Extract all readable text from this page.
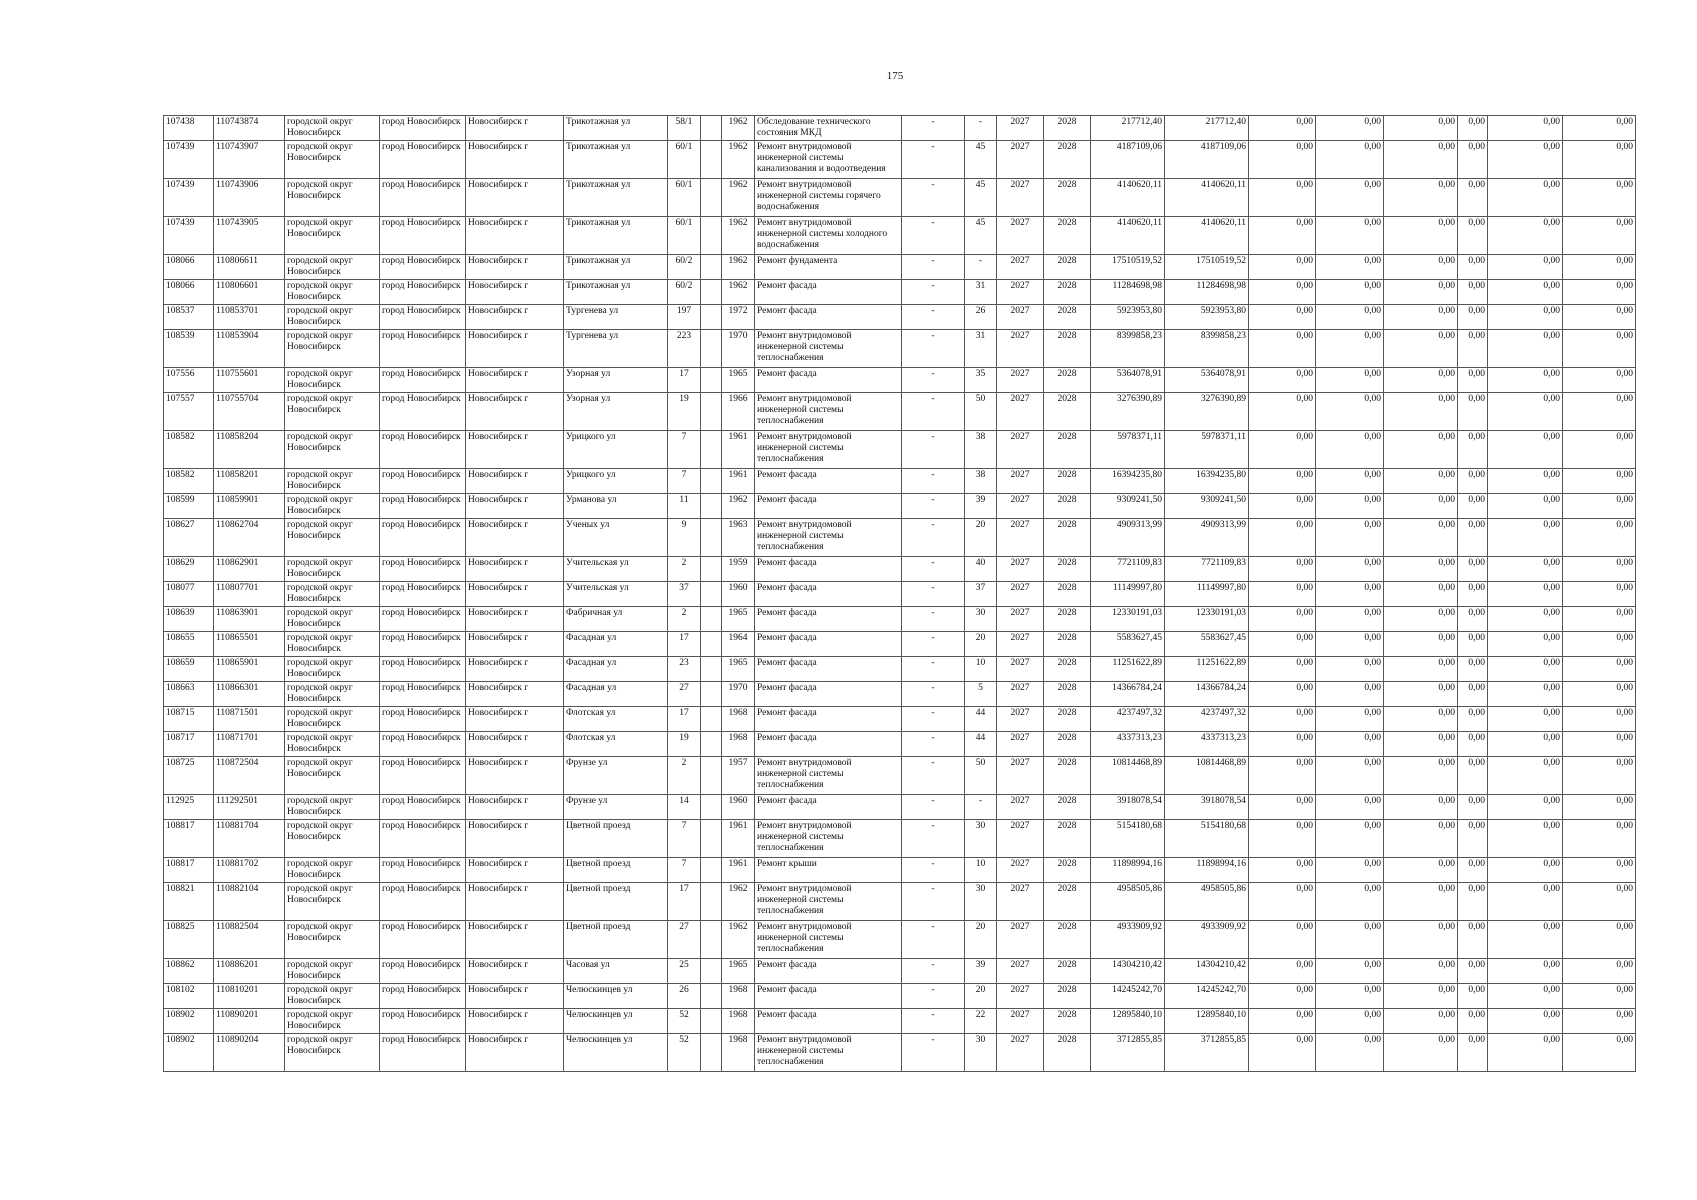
175
107438	110743874	городской округ Новосибирск	город Новосибирск	Новосибирск г	Трикотажная ул	58/1		1962	Обследование технического состояния МКД	-	-	2027	2028	217712,40	217712,40	0,00	0,00	0,00	0,00	0,00	0,00
107439	110743907	городской округ Новосибирск	город Новосибирск	Новосибирск г	Трикотажная ул	60/1		1962	Ремонт внутридомовой инженерной системы канализования и водоотведения	-	45	2027	2028	4187109,06	4187109,06	0,00	0,00	0,00	0,00	0,00	0,00
107439	110743906	городской округ Новосибирск	город Новосибирск	Новосибирск г	Трикотажная ул	60/1		1962	Ремонт внутридомовой инженерной системы горячего водоснабжения	-	45	2027	2028	4140620,11	4140620,11	0,00	0,00	0,00	0,00	0,00	0,00
107439	110743905	городской округ Новосибирск	город Новосибирск	Новосибирск г	Трикотажная ул	60/1		1962	Ремонт внутридомовой инженерной системы холодного водоснабжения	-	45	2027	2028	4140620,11	4140620,11	0,00	0,00	0,00	0,00	0,00	0,00
108066	110806611	городской округ Новосибирск	город Новосибирск	Новосибирск г	Трикотажная ул	60/2		1962	Ремонт фундамента	-	-	2027	2028	17510519,52	17510519,52	0,00	0,00	0,00	0,00	0,00	0,00
108066	110806601	городской округ Новосибирск	город Новосибирск	Новосибирск г	Трикотажная ул	60/2		1962	Ремонт фасада	-	31	2027	2028	11284698,98	11284698,98	0,00	0,00	0,00	0,00	0,00	0,00
108537	110853701	городской округ Новосибирск	город Новосибирск	Новосибирск г	Тургенева ул	197		1972	Ремонт фасада	-	26	2027	2028	5923953,80	5923953,80	0,00	0,00	0,00	0,00	0,00	0,00
108539	110853904	городской округ Новосибирск	город Новосибирск	Новосибирск г	Тургенева ул	223		1970	Ремонт внутридомовой инженерной системы теплоснабжения	-	31	2027	2028	8399858,23	8399858,23	0,00	0,00	0,00	0,00	0,00	0,00
107556	110755601	городской округ Новосибирск	город Новосибирск	Новосибирск г	Узорная ул	17		1965	Ремонт фасада	-	35	2027	2028	5364078,91	5364078,91	0,00	0,00	0,00	0,00	0,00	0,00
107557	110755704	городской округ Новосибирск	город Новосибирск	Новосибирск г	Узорная ул	19		1966	Ремонт внутридомовой инженерной системы теплоснабжения	-	50	2027	2028	3276390,89	3276390,89	0,00	0,00	0,00	0,00	0,00	0,00
108582	110858204	городской округ Новосибирск	город Новосибирск	Новосибирск г	Урицкого ул	7		1961	Ремонт внутридомовой инженерной системы теплоснабжения	-	38	2027	2028	5978371,11	5978371,11	0,00	0,00	0,00	0,00	0,00	0,00
108582	110858201	городской округ Новосибирск	город Новосибирск	Новосибирск г	Урицкого ул	7		1961	Ремонт фасада	-	38	2027	2028	16394235,80	16394235,80	0,00	0,00	0,00	0,00	0,00	0,00
108599	110859901	городской округ Новосибирск	город Новосибирск	Новосибирск г	Урманова ул	11		1962	Ремонт фасада	-	39	2027	2028	9309241,50	9309241,50	0,00	0,00	0,00	0,00	0,00	0,00
108627	110862704	городской округ Новосибирск	город Новосибирск	Новосибирск г	Ученых ул	9		1963	Ремонт внутридомовой инженерной системы теплоснабжения	-	20	2027	2028	4909313,99	4909313,99	0,00	0,00	0,00	0,00	0,00	0,00
108629	110862901	городской округ Новосибирск	город Новосибирск	Новосибирск г	Учительская ул	2		1959	Ремонт фасада	-	40	2027	2028	7721109,83	7721109,83	0,00	0,00	0,00	0,00	0,00	0,00
108077	110807701	городской округ Новосибирск	город Новосибирск	Новосибирск г	Учительская ул	37		1960	Ремонт фасада	-	37	2027	2028	11149997,80	11149997,80	0,00	0,00	0,00	0,00	0,00	0,00
108639	110863901	городской округ Новосибирск	город Новосибирск	Новосибирск г	Фабричная ул	2		1965	Ремонт фасада	-	30	2027	2028	12330191,03	12330191,03	0,00	0,00	0,00	0,00	0,00	0,00
108655	110865501	городской округ Новосибирск	город Новосибирск	Новосибирск г	Фасадная ул	17		1964	Ремонт фасада	-	20	2027	2028	5583627,45	5583627,45	0,00	0,00	0,00	0,00	0,00	0,00
108659	110865901	городской округ Новосибирск	город Новосибирск	Новосибирск г	Фасадная ул	23		1965	Ремонт фасада	-	10	2027	2028	11251622,89	11251622,89	0,00	0,00	0,00	0,00	0,00	0,00
108663	110866301	городской округ Новосибирск	город Новосибирск	Новосибирск г	Фасадная ул	27		1970	Ремонт фасада	-	5	2027	2028	14366784,24	14366784,24	0,00	0,00	0,00	0,00	0,00	0,00
108715	110871501	городской округ Новосибирск	город Новосибирск	Новосибирск г	Флотская ул	17		1968	Ремонт фасада	-	44	2027	2028	4237497,32	4237497,32	0,00	0,00	0,00	0,00	0,00	0,00
108717	110871701	городской округ Новосибирск	город Новосибирск	Новосибирск г	Флотская ул	19		1968	Ремонт фасада	-	44	2027	2028	4337313,23	4337313,23	0,00	0,00	0,00	0,00	0,00	0,00
108725	110872504	городской округ Новосибирск	город Новосибирск	Новосибирск г	Фрунзе ул	2		1957	Ремонт внутридомовой инженерной системы теплоснабжения	-	50	2027	2028	10814468,89	10814468,89	0,00	0,00	0,00	0,00	0,00	0,00
112925	111292501	городской округ Новосибирск	город Новосибирск	Новосибирск г	Фрунзе ул	14		1960	Ремонт фасада	-	-	2027	2028	3918078,54	3918078,54	0,00	0,00	0,00	0,00	0,00	0,00
108817	110881704	городской округ Новосибирск	город Новосибирск	Новосибирск г	Цветной проезд	7		1961	Ремонт внутридомовой инженерной системы теплоснабжения	-	30	2027	2028	5154180,68	5154180,68	0,00	0,00	0,00	0,00	0,00	0,00
108817	110881702	городской округ Новосибирск	город Новосибирск	Новосибирск г	Цветной проезд	7		1961	Ремонт крыши	-	10	2027	2028	11898994,16	11898994,16	0,00	0,00	0,00	0,00	0,00	0,00
108821	110882104	городской округ Новосибирск	город Новосибирск	Новосибирск г	Цветной проезд	17		1962	Ремонт внутридомовой инженерной системы теплоснабжения	-	30	2027	2028	4958505,86	4958505,86	0,00	0,00	0,00	0,00	0,00	0,00
108825	110882504	городской округ Новосибирск	город Новосибирск	Новосибирск г	Цветной проезд	27		1962	Ремонт внутридомовой инженерной системы теплоснабжения	-	20	2027	2028	4933909,92	4933909,92	0,00	0,00	0,00	0,00	0,00	0,00
108862	110886201	городской округ Новосибирск	город Новосибирск	Новосибирск г	Часовая ул	25		1965	Ремонт фасада	-	39	2027	2028	14304210,42	14304210,42	0,00	0,00	0,00	0,00	0,00	0,00
108102	110810201	городской округ Новосибирск	город Новосибирск	Новосибирск г	Челюскинцев ул	26		1968	Ремонт фасада	-	20	2027	2028	14245242,70	14245242,70	0,00	0,00	0,00	0,00	0,00	0,00
108902	110890201	городской округ Новосибирск	город Новосибирск	Новосибирск г	Челюскинцев ул	52		1968	Ремонт фасада	-	22	2027	2028	12895840,10	12895840,10	0,00	0,00	0,00	0,00	0,00	0,00
108902	110890204	городской округ Новосибирск	город Новосибирск	Новосибирск г	Челюскинцев ул	52		1968	Ремонт внутридомовой инженерной системы теплоснабжения	-	30	2027	2028	3712855,85	3712855,85	0,00	0,00	0,00	0,00	0,00	0,00
